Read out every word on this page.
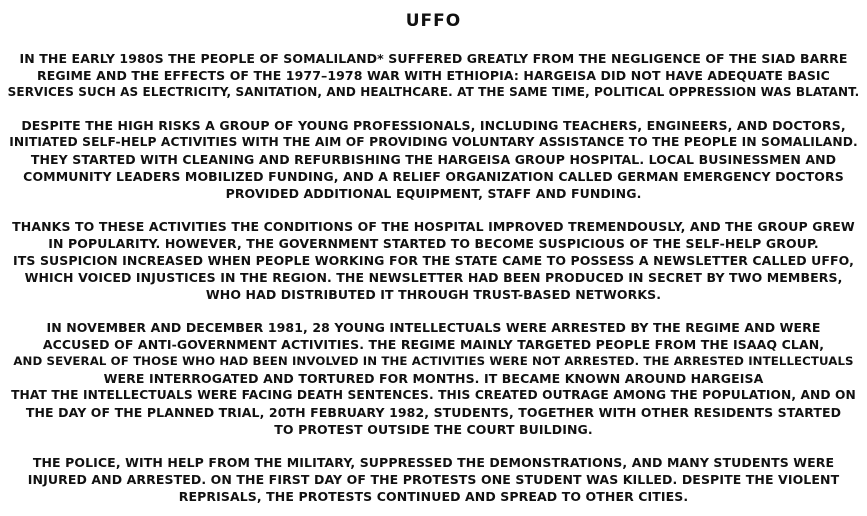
UFFO
IN THE EARLY 1980S THE PEOPLE OF SOMALILAND* SUFFERED GREATLY FROM THE NEGLIGENCE OF THE SIAD BARRE
REGIME AND THE EFFECTS OF THE 1977–1978 WAR WITH ETHIOPIA: HARGEISA DID NOT HAVE ADEQUATE BASIC
SERVICES SUCH AS ELECTRICITY, SANITATION, AND HEALTHCARE. AT THE SAME TIME, POLITICAL OPPRESSION WAS BLATANT.
DESPITE THE HIGH RISKS A GROUP OF YOUNG PROFESSIONALS, INCLUDING TEACHERS, ENGINEERS, AND DOCTORS,
INITIATED SELF-HELP ACTIVITIES WITH THE AIM OF PROVIDING VOLUNTARY ASSISTANCE TO THE PEOPLE IN SOMALILAND.
THEY STARTED WITH CLEANING AND REFURBISHING THE HARGEISA GROUP HOSPITAL. LOCAL BUSINESSMEN AND
COMMUNITY LEADERS MOBILIZED FUNDING, AND A RELIEF ORGANIZATION CALLED GERMAN EMERGENCY DOCTORS
PROVIDED ADDITIONAL EQUIPMENT, STAFF AND FUNDING.
THANKS TO THESE ACTIVITIES THE CONDITIONS OF THE HOSPITAL IMPROVED TREMENDOUSLY, AND THE GROUP GREW
IN POPULARITY. HOWEVER, THE GOVERNMENT STARTED TO BECOME SUSPICIOUS OF THE SELF-HELP GROUP.
ITS SUSPICION INCREASED WHEN PEOPLE WORKING FOR THE STATE CAME TO POSSESS A NEWSLETTER CALLED UFFO,
WHICH VOICED INJUSTICES IN THE REGION. THE NEWSLETTER HAD BEEN PRODUCED IN SECRET BY TWO MEMBERS,
WHO HAD DISTRIBUTED IT THROUGH TRUST-BASED NETWORKS.
IN NOVEMBER AND DECEMBER 1981, 28 YOUNG INTELLECTUALS WERE ARRESTED BY THE REGIME AND WERE
ACCUSED OF ANTI-GOVERNMENT ACTIVITIES. THE REGIME MAINLY TARGETED PEOPLE FROM THE ISAAQ CLAN,
AND SEVERAL OF THOSE WHO HAD BEEN INVOLVED IN THE ACTIVITIES WERE NOT ARRESTED. THE ARRESTED INTELLECTUALS
WERE INTERROGATED AND TORTURED FOR MONTHS. IT BECAME KNOWN AROUND HARGEISA
THAT THE INTELLECTUALS WERE FACING DEATH SENTENCES. THIS CREATED OUTRAGE AMONG THE POPULATION, AND ON
THE DAY OF THE PLANNED TRIAL, 20TH FEBRUARY 1982, STUDENTS, TOGETHER WITH OTHER RESIDENTS STARTED
TO PROTEST OUTSIDE THE COURT BUILDING.
THE POLICE, WITH HELP FROM THE MILITARY, SUPPRESSED THE DEMONSTRATIONS, AND MANY STUDENTS WERE
INJURED AND ARRESTED. ON THE FIRST DAY OF THE PROTESTS ONE STUDENT WAS KILLED. DESPITE THE VIOLENT
REPRISALS, THE PROTESTS CONTINUED AND SPREAD TO OTHER CITIES.
